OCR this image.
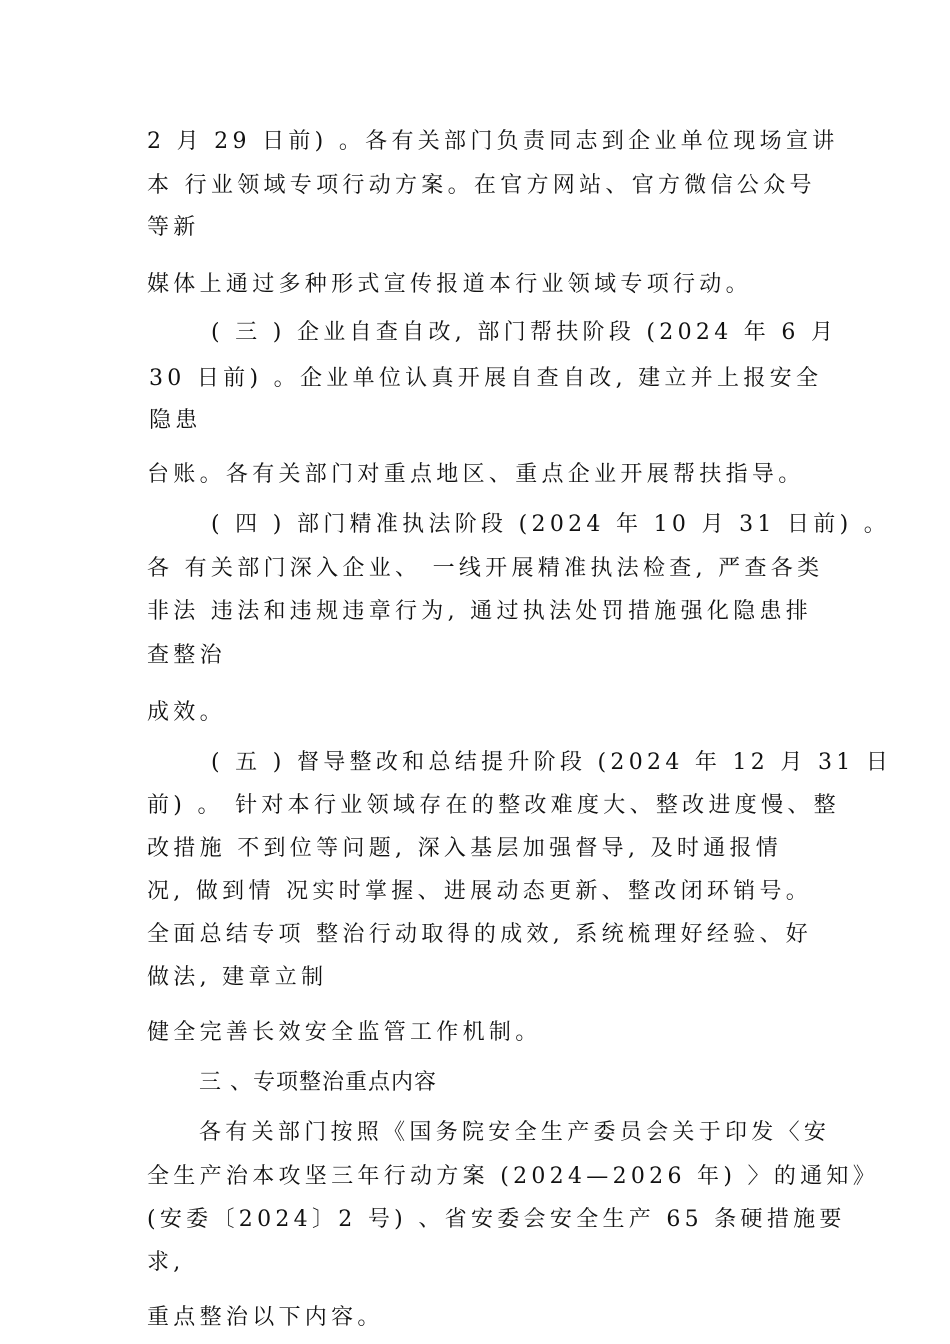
2 月 29 日前) 。各有关部门负责同志到企业单位现场宣讲
本 行业领域专项行动方案。在官方网站、官方微信公众号
等新
媒体上通过多种形式宣传报道本行业领域专项行动。
( 三 ) 企业自查自改, 部门帮扶阶段 (2024 年 6 月
30 日前) 。企业单位认真开展自查自改, 建立并上报安全
隐患
台账。各有关部门对重点地区、重点企业开展帮扶指导。
( 四 ) 部门精准执法阶段 (2024 年 10 月 31 日前) 。
各 有关部门深入企业、 一线开展精准执法检查, 严查各类
非法 违法和违规违章行为, 通过执法处罚措施强化隐患排
查整治
成效。
( 五 ) 督导整改和总结提升阶段 (2024 年 12 月 31 日
前) 。 针对本行业领域存在的整改难度大、整改进度慢、整
改措施 不到位等问题, 深入基层加强督导, 及时通报情
况, 做到情 况实时掌握、进展动态更新、整改闭环销号。
全面总结专项 整治行动取得的成效, 系统梳理好经验、好
做法, 建章立制
健全完善长效安全监管工作机制。
三 、专项整治重点内容
各有关部门按照《国务院安全生产委员会关于印发〈安
全生产治本攻坚三年行动方案 (2024—2026 年) 〉的通知》
(安委〔2024〕2 号) 、省安委会安全生产 65 条硬措施要
求,
重点整治以下内容。
